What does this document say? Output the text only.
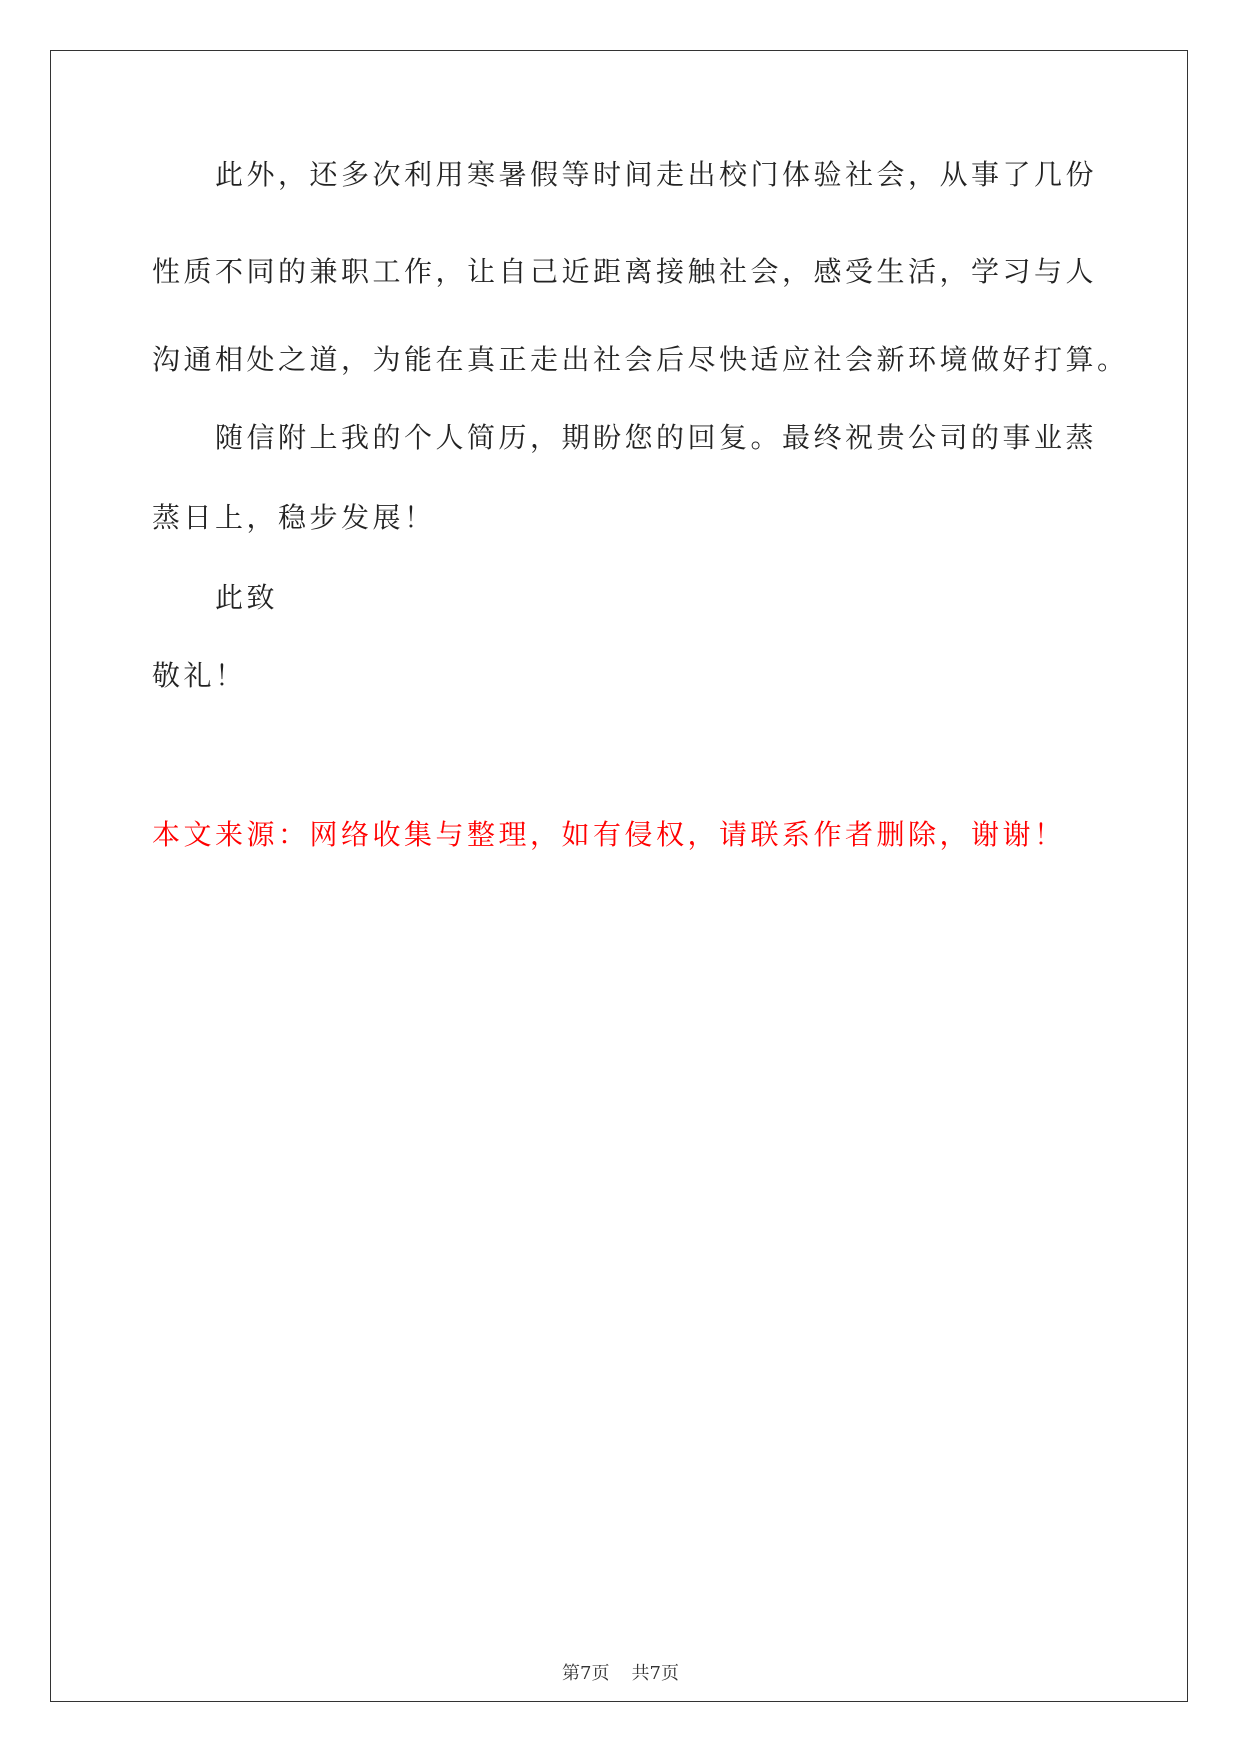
此外，还多次利用寒暑假等时间走出校门体验社会，从事了几份
性质不同的兼职工作，让自己近距离接触社会，感受生活，学习与人
沟通相处之道，为能在真正走出社会后尽快适应社会新环境做好打算。
随信附上我的个人简历，期盼您的回复。最终祝贵公司的事业蒸
蒸日上，稳步发展！
此致
敬礼！
本文来源：网络收集与整理，如有侵权，请联系作者删除，谢谢！
第7页 共7页
